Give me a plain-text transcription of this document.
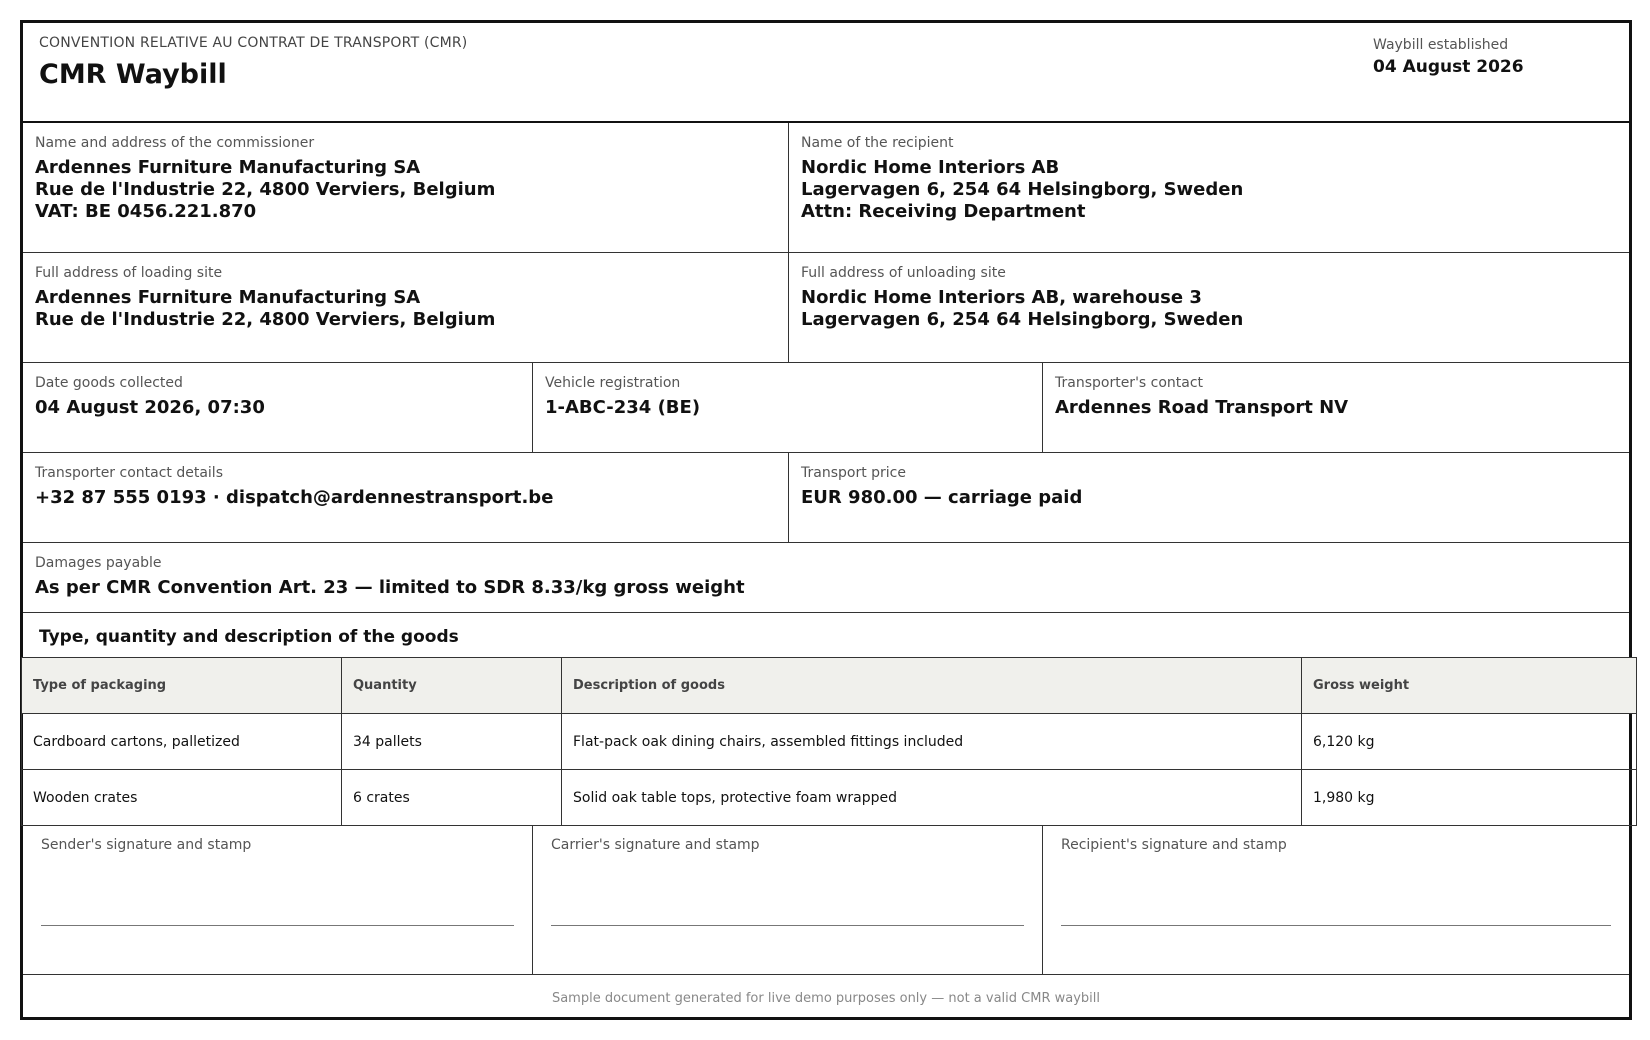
CONVENTION RELATIVE AU CONTRAT DE TRANSPORT (CMR)
CMR Waybill
Waybill established
04 August 2026
Name and address of the commissioner
Ardennes Furniture Manufacturing SA
Rue de l'Industrie 22, 4800 Verviers, Belgium
VAT: BE 0456.221.870
Name of the recipient
Nordic Home Interiors AB
Lagervagen 6, 254 64 Helsingborg, Sweden
Attn: Receiving Department
Full address of loading site
Ardennes Furniture Manufacturing SA
Rue de l'Industrie 22, 4800 Verviers, Belgium
Full address of unloading site
Nordic Home Interiors AB, warehouse 3
Lagervagen 6, 254 64 Helsingborg, Sweden
Date goods collected
04 August 2026, 07:30
Vehicle registration
1-ABC-234 (BE)
Transporter's contact
Ardennes Road Transport NV
Transporter contact details
+32 87 555 0193 · dispatch@ardennestransport.be
Transport price
EUR 980.00 — carriage paid
Damages payable
As per CMR Convention Art. 23 — limited to SDR 8.33/kg gross weight
Type, quantity and description of the goods
Type of packaging	Quantity	Description of goods	Gross weight
Cardboard cartons, palletized	34 pallets	Flat-pack oak dining chairs, assembled fittings included	6,120 kg
Wooden crates	6 crates	Solid oak table tops, protective foam wrapped	1,980 kg
Sender's signature and stamp	Carrier's signature and stamp	Recipient's signature and stamp
Sample document generated for live demo purposes only — not a valid CMR waybill
